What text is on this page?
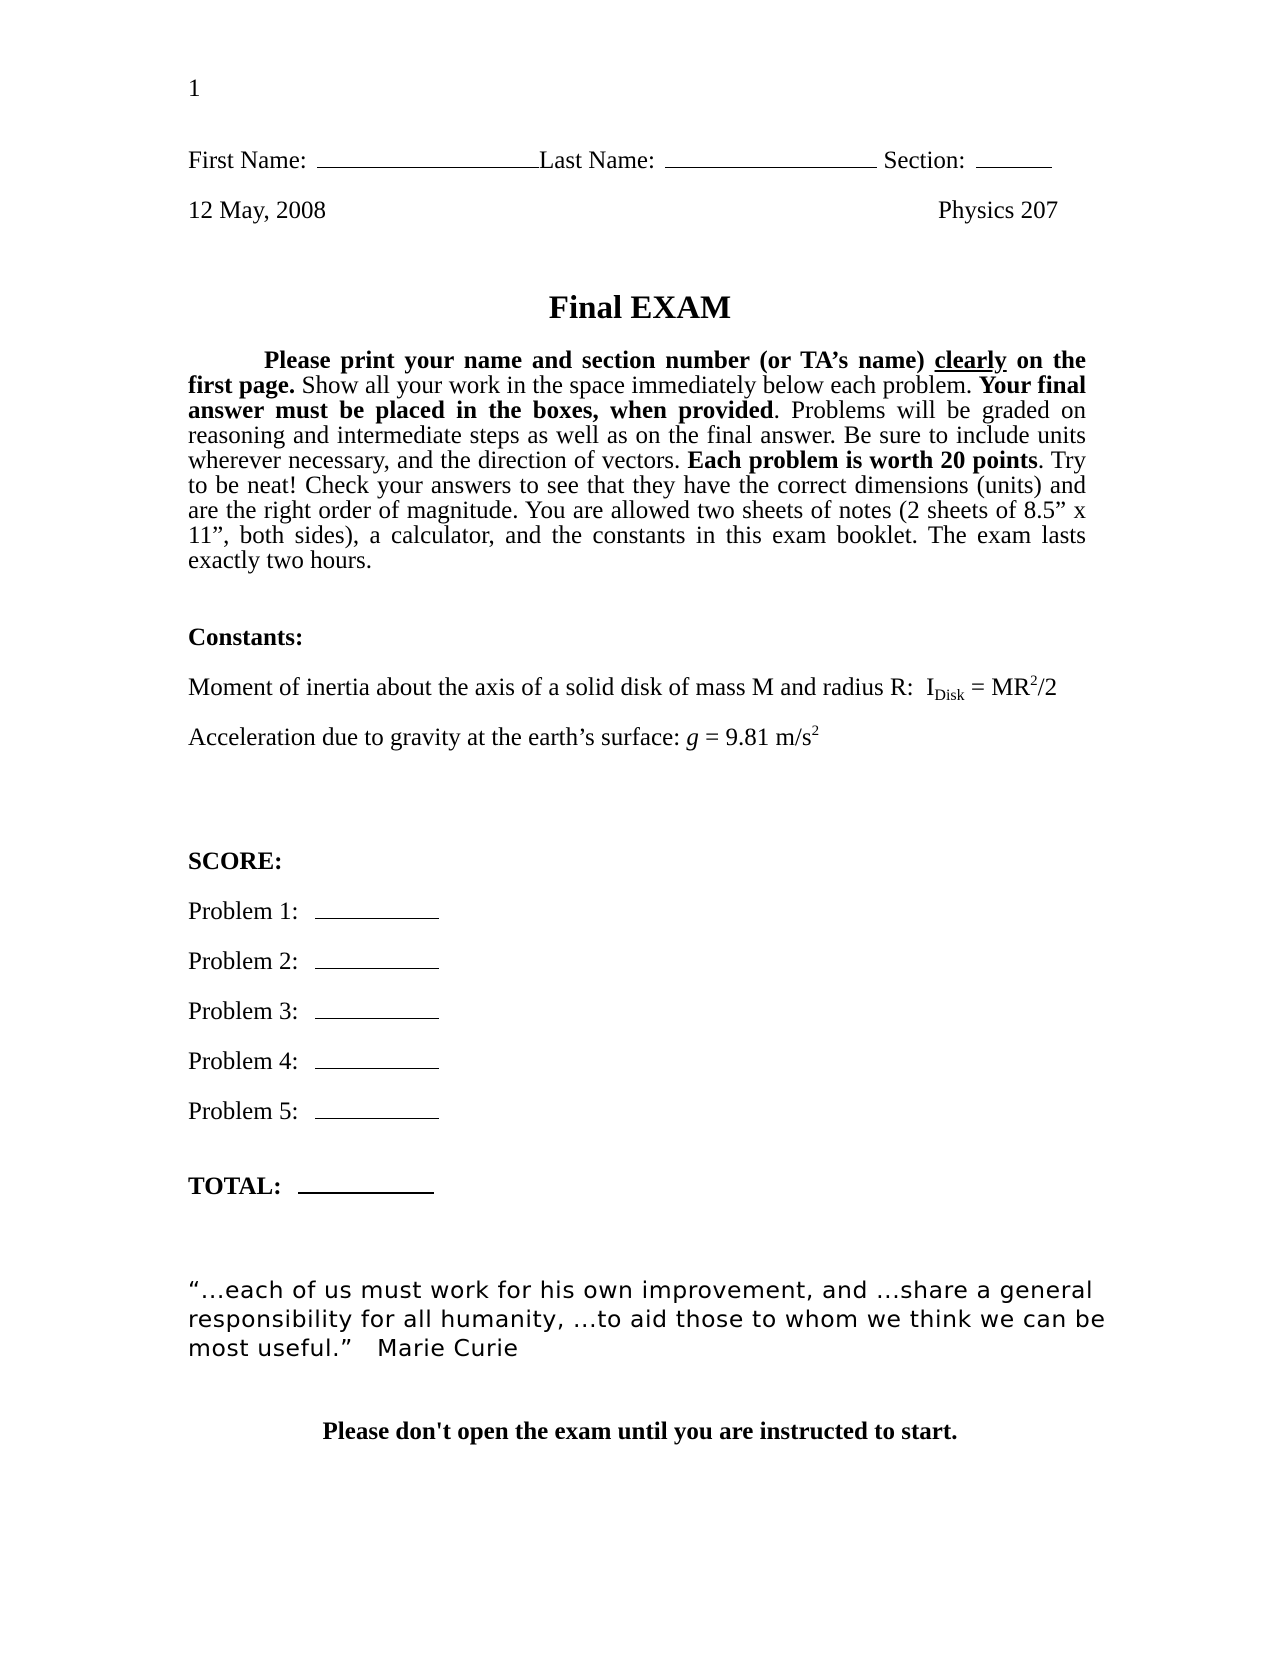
1
First Name:	Last Name:	Section:
12 May, 2008	Physics 207
Final EXAM
Please print your name and section number (or TA’s name) clearly on the first page. Show all your work in the space immediately below each problem. Your final answer must be placed in the boxes, when provided. Problems will be graded on reasoning and intermediate steps as well as on the final answer. Be sure to include units wherever necessary, and the direction of vectors. Each problem is worth 20 points. Try to be neat! Check your answers to see that they have the correct dimensions (units) and are the right order of magnitude. You are allowed two sheets of notes (2 sheets of 8.5” x 11”, both sides), a calculator, and the constants in this exam booklet. The exam lasts exactly two hours.
Constants:
Moment of inertia about the axis of a solid disk of mass M and radius R: $I_{Disk} = MR^2/2$
Acceleration due to gravity at the earth’s surface: g = 9.81 $m/s^2$
SCORE:
Problem 1:
Problem 2:
Problem 3:
Problem 4:
Problem 5:
TOTAL:
“...each of us must work for his own improvement, and ...share a general responsibility for all humanity, ...to aid those to whom we think we can be most useful.” Marie Curie
Please don't open the exam until you are instructed to start.
